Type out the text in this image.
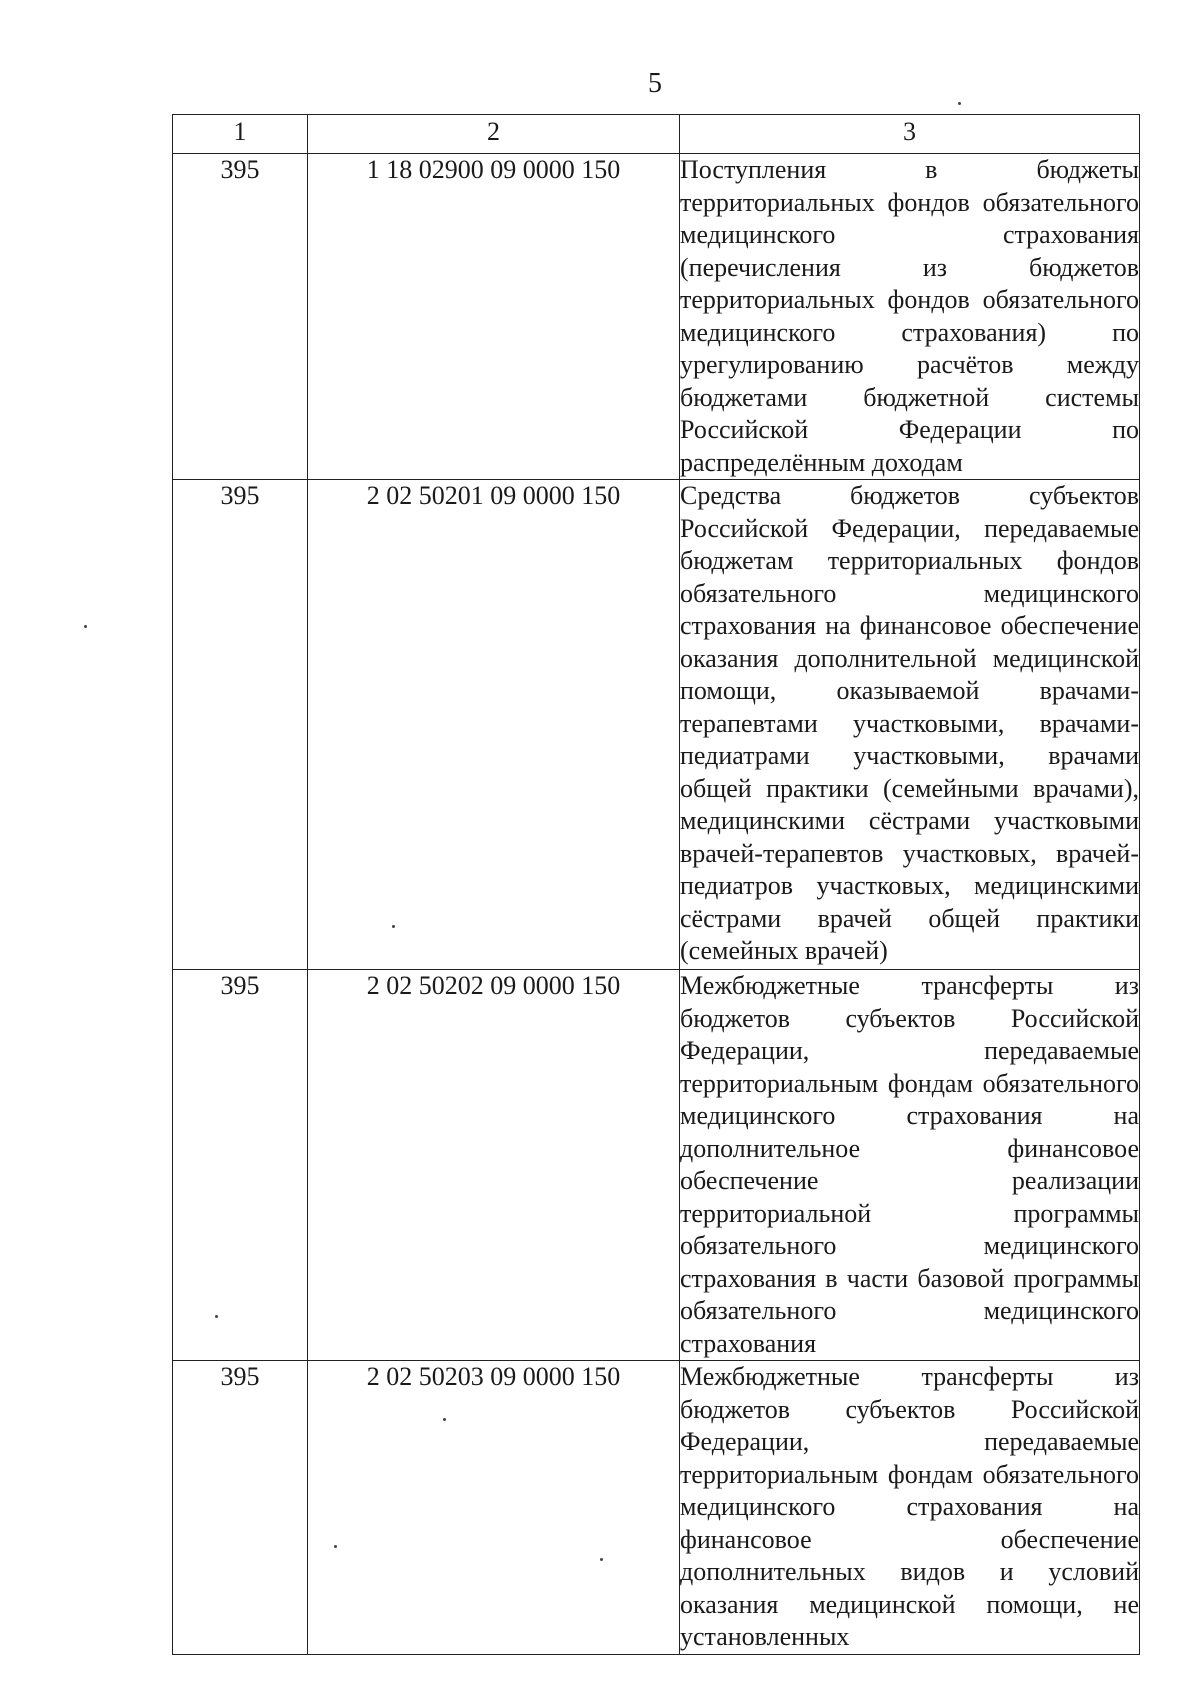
5
1	2	3
395	1 18 02900 09 0000 150	Поступления в бюджеты территориальных фондов обязательного медицинского страхования (перечисления из бюджетов территориальных фондов обязательного медицинского страхования) по урегулированию расчётов между бюджетами бюджетной системы Российской Федерации по распределённым доходам
395	2 02 50201 09 0000 150	Средства бюджетов субъектов Российской Федерации, передаваемые бюджетам территориальных фондов обязательного медицинского страхования на финансовое обеспечение оказания дополнительной медицинской помощи, оказываемой врачами-терапевтами участковыми, врачами-педиатрами участковыми, врачами общей практики (семейными врачами), медицинскими сёстрами участковыми врачей-терапевтов участковых, врачей-педиатров участковых, медицинскими сёстрами врачей общей практики (семейных врачей)
395	2 02 50202 09 0000 150	Межбюджетные трансферты из бюджетов субъектов Российской Федерации, передаваемые территориальным фондам обязательного медицинского страхования на дополнительное финансовое обеспечение реализации территориальной программы обязательного медицинского страхования в части базовой программы обязательного медицинского страхования
395	2 02 50203 09 0000 150	Межбюджетные трансферты из бюджетов субъектов Российской Федерации, передаваемые территориальным фондам обязательного медицинского страхования на финансовое обеспечение дополнительных видов и условий оказания медицинской помощи, не установленных
